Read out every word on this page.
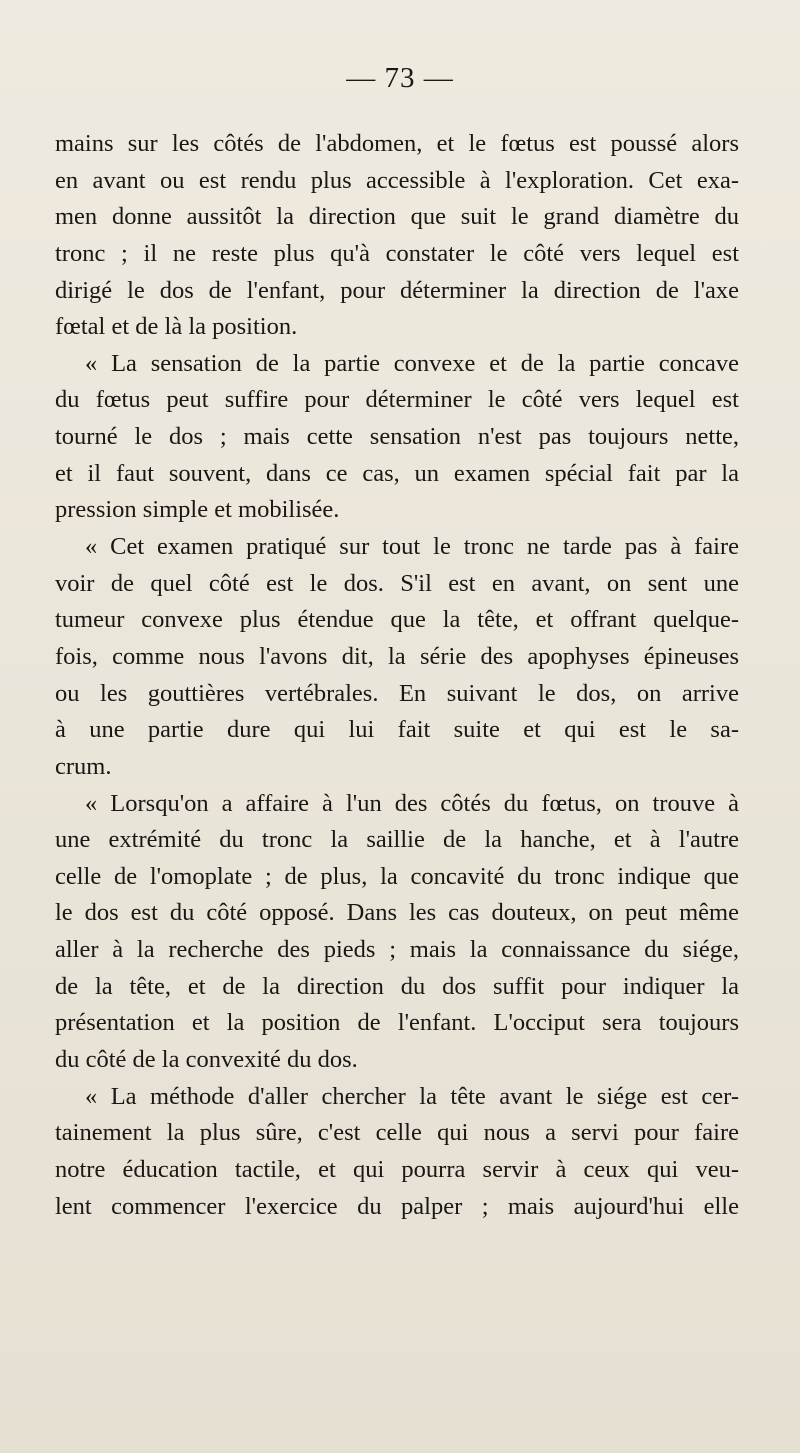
— 73 —
mains sur les côtés de l'abdomen, et le fœtus est poussé alors
en avant ou est rendu plus accessible à l'exploration. Cet exa-
men donne aussitôt la direction que suit le grand diamètre du
tronc ; il ne reste plus qu'à constater le côté vers lequel est
dirigé le dos de l'enfant, pour déterminer la direction de l'axe
fœtal et de là la position.
« La sensation de la partie convexe et de la partie concave
du fœtus peut suffire pour déterminer le côté vers lequel est
tourné le dos ; mais cette sensation n'est pas toujours nette,
et il faut souvent, dans ce cas, un examen spécial fait par la
pression simple et mobilisée.
« Cet examen pratiqué sur tout le tronc ne tarde pas à faire
voir de quel côté est le dos. S'il est en avant, on sent une
tumeur convexe plus étendue que la tête, et offrant quelque-
fois, comme nous l'avons dit, la série des apophyses épineuses
ou les gouttières vertébrales. En suivant le dos, on arrive
à une partie dure qui lui fait suite et qui est le sa-
crum.
« Lorsqu'on a affaire à l'un des côtés du fœtus, on trouve à
une extrémité du tronc la saillie de la hanche, et à l'autre
celle de l'omoplate ; de plus, la concavité du tronc indique que
le dos est du côté opposé. Dans les cas douteux, on peut même
aller à la recherche des pieds ; mais la connaissance du siége,
de la tête, et de la direction du dos suffit pour indiquer la
présentation et la position de l'enfant. L'occiput sera toujours
du côté de la convexité du dos.
« La méthode d'aller chercher la tête avant le siége est cer-
tainement la plus sûre, c'est celle qui nous a servi pour faire
notre éducation tactile, et qui pourra servir à ceux qui veu-
lent commencer l'exercice du palper ; mais aujourd'hui elle
